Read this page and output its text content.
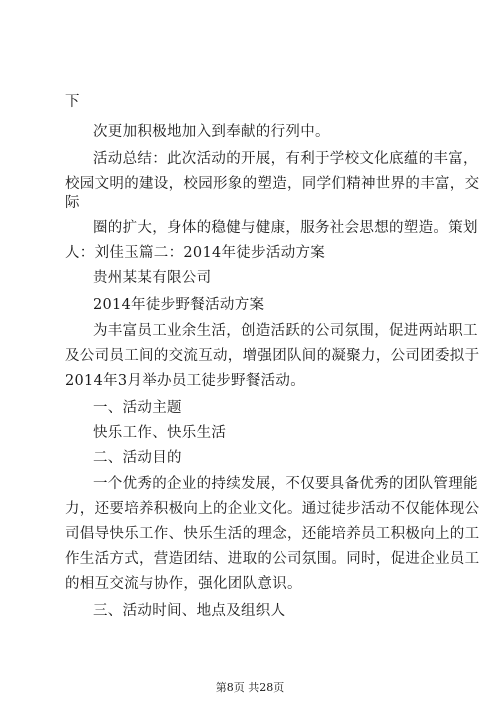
下
次更加积极地加入到奉献的行列中。
活动总结：此次活动的开展，有利于学校文化底蕴的丰富，
校园文明的建设，校园形象的塑造，同学们精神世界的丰富，交
际
圈的扩大，身体的稳健与健康，服务社会思想的塑造。策划
人：刘佳玉篇二：2014年徒步活动方案
贵州某某有限公司
2014年徒步野餐活动方案
为丰富员工业余生活，创造活跃的公司氛围，促进两站职工
及公司员工间的交流互动，增强团队间的凝聚力，公司团委拟于
2014年3月举办员工徒步野餐活动。
一、活动主题
快乐工作、快乐生活
二、活动目的
一个优秀的企业的持续发展，不仅要具备优秀的团队管理能
力，还要培养积极向上的企业文化。通过徒步活动不仅能体现公
司倡导快乐工作、快乐生活的理念，还能培养员工积极向上的工
作生活方式，营造团结、进取的公司氛围。同时，促进企业员工
的相互交流与协作，强化团队意识。
三、活动时间、地点及组织人
第8页 共28页
